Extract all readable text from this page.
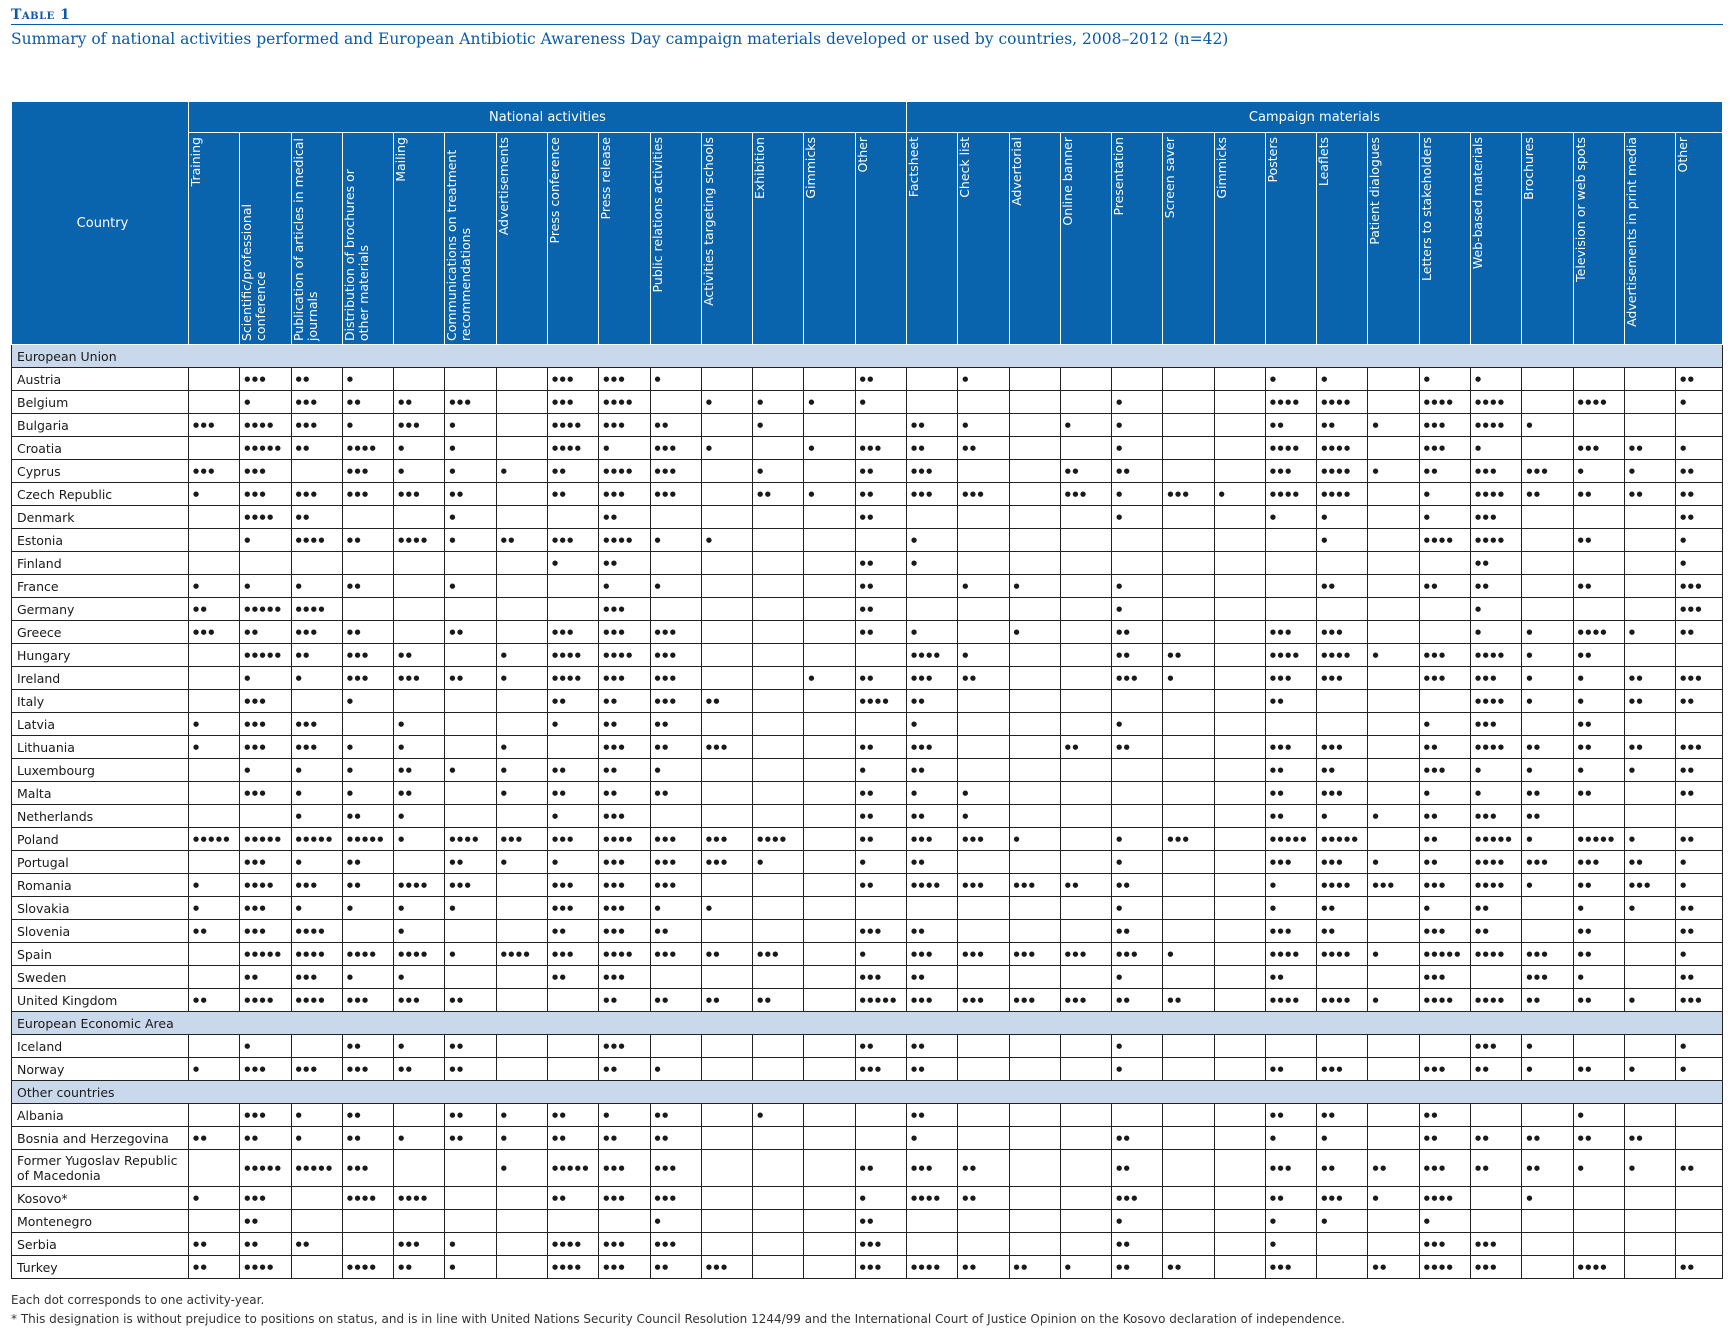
Table 1
Summary of national activities performed and European Antibiotic Awareness Day campaign materials developed or used by countries, 2008–2012 (n=42)
Country	National activities														Campaign materials															

	Training	Scientific/professional conference	Publication of articles in medical journals	Distribution of brochures or other materials	Mailing	Communications on treatment recommendations	Advertisements	Press conference	Press release	Public relations activities	Activities targeting schools	Exhibition	Gimmicks	Other	Factsheet	Check list	Advertorial	Online banner	Presentation	Screen saver	Gimmicks	Posters	Leaflets	Patient dialogues	Letters to stakeholders	Web-based materials	Brochures	Television or web spots	Advertisements in print media	Other

European Union																														
Austria		●●●	●●	●				●●●	●●●	●				●●		●						●	●		●	●				●●
Belgium		●	●●●	●●	●●	●●●		●●●	●●●●		●	●	●	●					●			●●●●	●●●●		●●●●	●●●●		●●●●		●
Bulgaria	●●●	●●●●	●●●	●	●●●	●		●●●●	●●●	●●		●			●●	●		●	●			●●	●●	●	●●●	●●●●	●			
Croatia		●●●●●	●●	●●●●	●	●		●●●●	●	●●●	●		●	●●●	●●	●●			●			●●●●	●●●●		●●●	●		●●●	●●	●
Cyprus	●●●	●●●		●●●	●	●	●	●●	●●●●	●●●		●		●●	●●●			●●	●●			●●●	●●●●	●	●●	●●●	●●●	●	●	●●
Czech Republic	●	●●●	●●●	●●●	●●●	●●		●●	●●●	●●●		●●	●	●●	●●●	●●●		●●●	●	●●●	●	●●●●	●●●●		●	●●●●	●●	●●	●●	●●
Denmark		●●●●	●●			●			●●					●●					●			●	●		●	●●●				●●
Estonia		●	●●●●	●●	●●●●	●	●●	●●●	●●●●	●	●				●								●		●●●●	●●●●		●●		●
Finland								●	●●					●●	●											●●				●
France	●	●	●	●●		●			●	●				●●		●	●		●				●●		●●	●●		●●		●●●
Germany	●●	●●●●●	●●●●						●●●					●●					●							●				●●●
Greece	●●●	●●	●●●	●●		●●		●●●	●●●	●●●				●●	●		●		●●			●●●	●●●			●	●	●●●●	●	●●
Hungary		●●●●●	●●	●●●	●●		●	●●●●	●●●●	●●●					●●●●	●			●●	●●		●●●●	●●●●	●	●●●	●●●●	●	●●		
Ireland		●	●	●●●	●●●	●●	●	●●●●	●●●	●●●			●	●●	●●●	●●			●●●	●		●●●	●●●		●●●	●●●	●	●	●●	●●●
Italy		●●●		●				●●	●●	●●●	●●			●●●●	●●							●●				●●●●	●	●	●●	●●
Latvia	●	●●●	●●●		●			●	●●	●●					●				●						●	●●●		●●		
Lithuania	●	●●●	●●●	●	●		●		●●●	●●	●●●			●●	●●●			●●	●●			●●●	●●●		●●	●●●●	●●	●●	●●	●●●
Luxembourg		●	●	●	●●	●	●	●●	●●	●				●	●●							●●	●●		●●●	●	●	●	●	●●
Malta		●●●	●	●	●●		●	●●	●●	●●				●●	●	●						●●	●●●		●	●	●●	●●		●●
Netherlands			●	●●	●			●	●●●					●●	●●	●						●●	●	●	●●	●●●	●●			
Poland	●●●●●	●●●●●	●●●●●	●●●●●	●	●●●●	●●●	●●●	●●●●	●●●	●●●	●●●●		●●	●●●	●●●	●		●	●●●		●●●●●	●●●●●		●●	●●●●●	●	●●●●●	●	●●
Portugal		●●●	●	●●		●●	●	●	●●●	●●●	●●●	●		●	●●				●			●●●	●●●	●	●●	●●●●	●●●	●●●	●●	●
Romania	●	●●●●	●●●	●●	●●●●	●●●		●●●	●●●	●●●				●●	●●●●	●●●	●●●	●●	●●			●	●●●●	●●●	●●●	●●●●	●	●●	●●●	●
Slovakia	●	●●●	●	●	●	●		●●●	●●●	●	●								●			●	●●		●	●●		●	●	●●
Slovenia	●●	●●●	●●●●		●			●●	●●●	●●				●●●	●●				●●			●●●	●●		●●●	●●		●●		●●
Spain		●●●●●	●●●●	●●●●	●●●●	●	●●●●	●●●	●●●●	●●●	●●	●●●		●	●●●	●●●	●●●	●●●	●●●	●		●●●●	●●●●	●	●●●●●	●●●●	●●●	●●		●
Sweden		●●	●●●	●	●			●●	●●●					●●●	●●				●			●●			●●●		●●●	●		●●
United Kingdom	●●	●●●●	●●●●	●●●	●●●	●●			●●	●●	●●	●●		●●●●●	●●●	●●●	●●●	●●●	●●	●●		●●●●	●●●●	●	●●●●	●●●●	●●	●●	●	●●●
European Economic Area																														
Iceland		●		●●	●	●●			●●●					●●	●●				●							●●●	●			●
Norway	●	●●●	●●●	●●●	●●	●●			●●	●				●●●	●●				●			●●	●●●		●●●	●●	●	●●	●	●
Other countries																														
Albania		●●●	●	●●		●●	●	●●	●	●●		●			●●							●●	●●		●●			●		
Bosnia and Herzegovina	●●	●●	●	●●	●	●●	●	●●	●●	●●					●				●●			●	●		●●	●●	●●	●●	●●	
Former Yugoslav Republic of Macedonia		●●●●●	●●●●●	●●●			●	●●●●●	●●●	●●●				●●	●●●	●●			●●			●●●	●●	●●	●●●	●●	●●	●	●	●●
Kosovo*	●	●●●		●●●●	●●●●			●●	●●●	●●●				●	●●●●	●●			●●●			●●	●●●	●	●●●●		●			
Montenegro		●●								●				●●					●			●	●		●					
Serbia	●●	●●	●●		●●●	●		●●●●	●●●	●●●				●●●					●●			●			●●●	●●●				
Turkey	●●	●●●●		●●●●	●●	●		●●●●	●●●	●●	●●●			●●●	●●●●	●●	●●	●	●●	●●		●●●		●●	●●●●	●●●		●●●●		●●
Each dot corresponds to one activity-year.
* This designation is without prejudice to positions on status, and is in line with United Nations Security Council Resolution 1244/99 and the International Court of Justice Opinion on the Kosovo declaration of independence.
